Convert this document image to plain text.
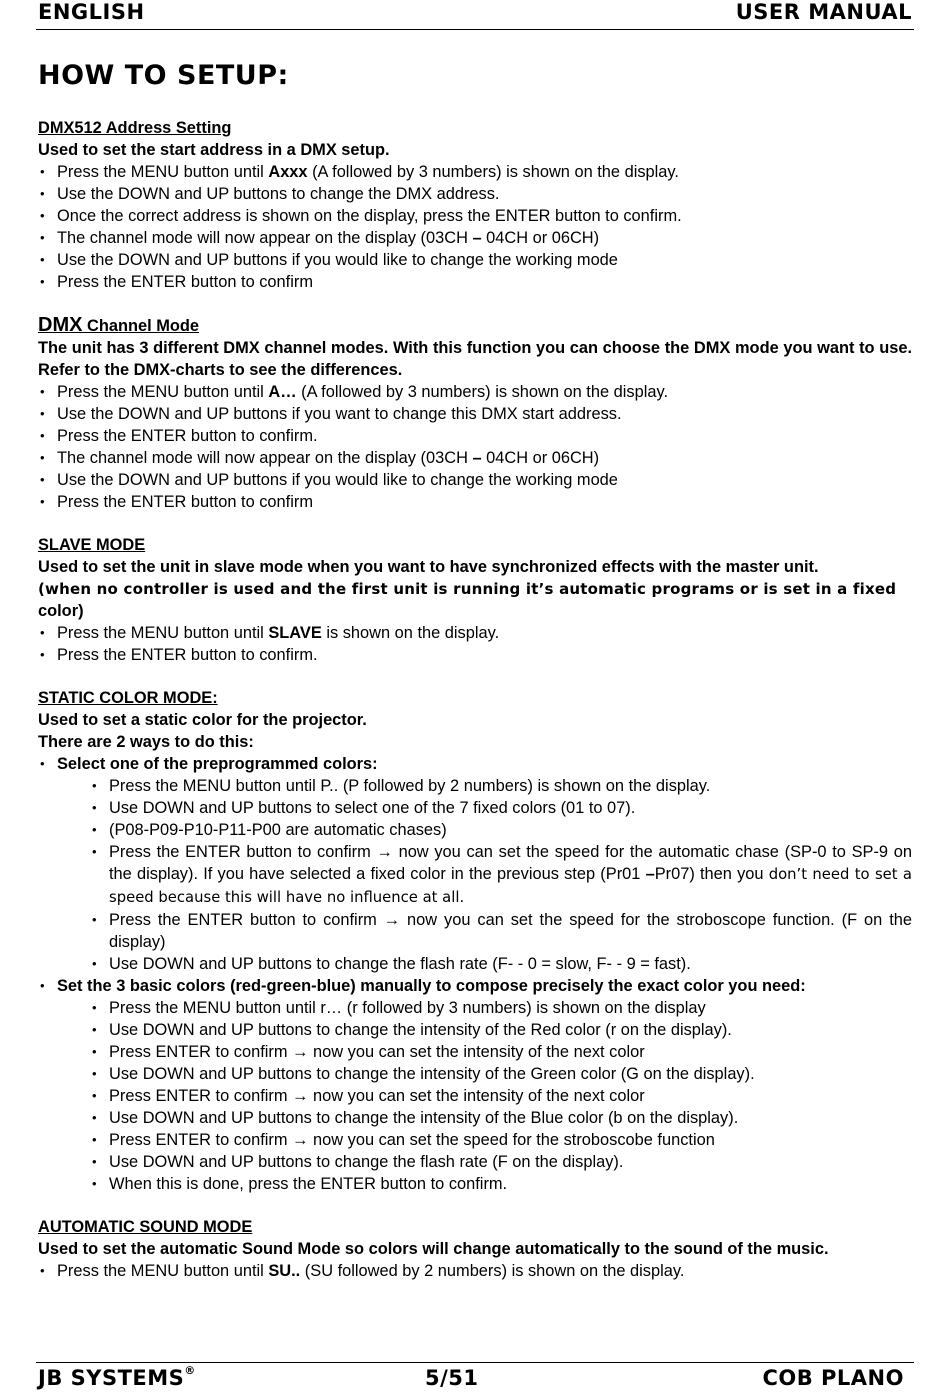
ENGLISH	USER MANUAL
HOW TO SETUP:
DMX512 Address Setting
Used to set the start address in a DMX setup.
• Press the MENU button until Axxx (A followed by 3 numbers) is shown on the display.
• Use the DOWN and UP buttons to change the DMX address.
• Once the correct address is shown on the display, press the ENTER button to confirm.
• The channel mode will now appear on the display (03CH – 04CH or 06CH)
• Use the DOWN and UP buttons if you would like to change the working mode
• Press the ENTER button to confirm
DMX Channel Mode
The unit has 3 different DMX channel modes. With this function you can choose the DMX mode you want to use. Refer to the DMX-charts to see the differences.
• Press the MENU button until A… (A followed by 3 numbers) is shown on the display.
• Use the DOWN and UP buttons if you want to change this DMX start address.
• Press the ENTER button to confirm.
• The channel mode will now appear on the display (03CH – 04CH or 06CH)
• Use the DOWN and UP buttons if you would like to change the working mode
• Press the ENTER button to confirm
SLAVE MODE
Used to set the unit in slave mode when you want to have synchronized effects with the master unit.
(when no controller is used and the first unit is running it’s automatic programs or is set in a fixed
color)
• Press the MENU button until SLAVE is shown on the display.
• Press the ENTER button to confirm.
STATIC COLOR MODE:
Used to set a static color for the projector.
There are 2 ways to do this:
• Select one of the preprogrammed colors:
• Press the MENU button until P.. (P followed by 2 numbers) is shown on the display.
• Use DOWN and UP buttons to select one of the 7 fixed colors (01 to 07).
• (P08-P09-P10-P11-P00 are automatic chases)
• Press the ENTER button to confirm → now you can set the speed for the automatic chase (SP-0 to SP-9 on the display). If you have selected a fixed color in the previous step (Pr01 –Pr07) then you don’t need to set a speed because this will have no influence at all.
• Press the ENTER button to confirm → now you can set the speed for the stroboscope function. (F on the display)
• Use DOWN and UP buttons to change the flash rate (F- - 0 = slow, F- - 9 = fast).
• Set the 3 basic colors (red-green-blue) manually to compose precisely the exact color you need:
• Press the MENU button until r… (r followed by 3 numbers) is shown on the display
• Use DOWN and UP buttons to change the intensity of the Red color (r on the display).
• Press ENTER to confirm → now you can set the intensity of the next color
• Use DOWN and UP buttons to change the intensity of the Green color (G on the display).
• Press ENTER to confirm → now you can set the intensity of the next color
• Use DOWN and UP buttons to change the intensity of the Blue color (b on the display).
• Press ENTER to confirm → now you can set the speed for the stroboscobe function
• Use DOWN and UP buttons to change the flash rate (F on the display).
• When this is done, press the ENTER button to confirm.
AUTOMATIC SOUND MODE
Used to set the automatic Sound Mode so colors will change automatically to the sound of the music.
• Press the MENU button until SU.. (SU followed by 2 numbers) is shown on the display.
JB SYSTEMS®	5/51	COB PLANO
